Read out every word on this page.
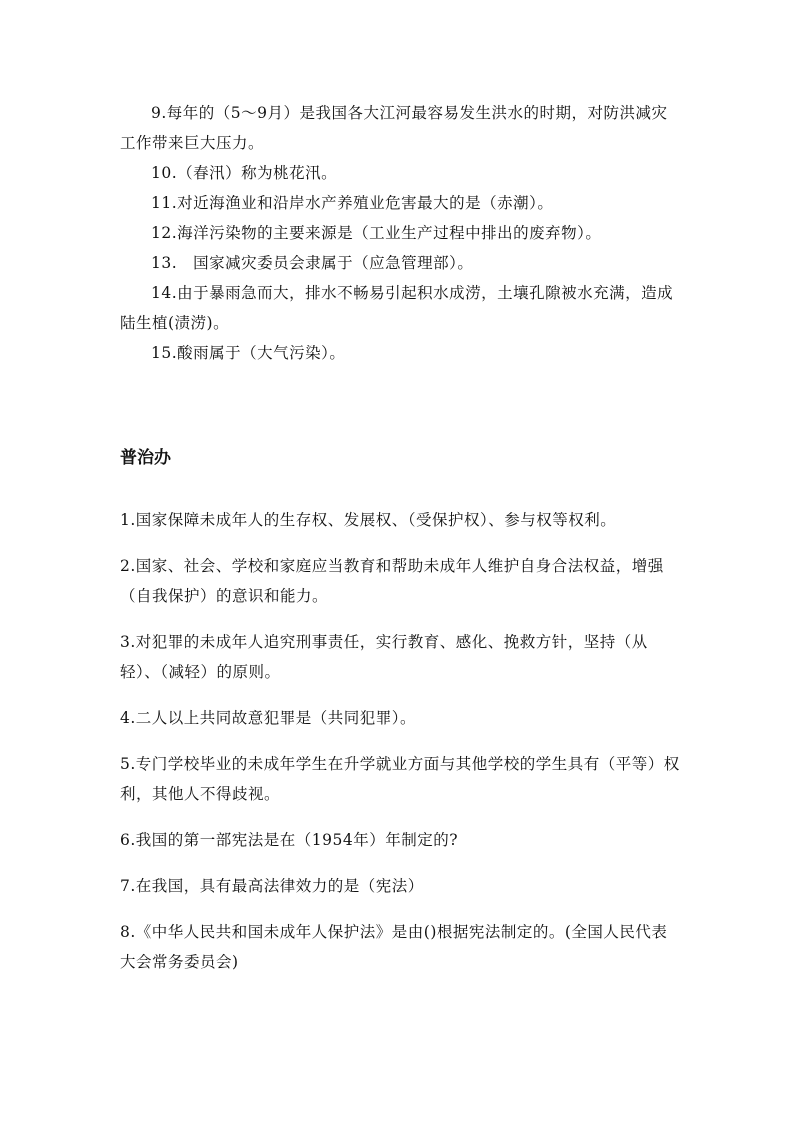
9.每年的（5～9月）是我国各大江河最容易发生洪水的时期，对防洪减灾工作带来巨大压力。

10.（春汛）称为桃花汛。

11.对近海渔业和沿岸水产养殖业危害最大的是（赤潮）。

12.海洋污染物的主要来源是（工业生产过程中排出的废弃物）。

13.　国家减灾委员会隶属于（应急管理部）。

14.由于暴雨急而大，排水不畅易引起积水成涝，土壤孔隙被水充满，造成陆生植(渍涝)。

15.酸雨属于（大气污染）。

普治办

1.国家保障未成年人的生存权、发展权、（受保护权）、参与权等权利。

2.国家、社会、学校和家庭应当教育和帮助未成年人维护自身合法权益，增强（自我保护）的意识和能力。

3.对犯罪的未成年人追究刑事责任，实行教育、感化、挽救方针，坚持（从轻）、（减轻）的原则。

4.二人以上共同故意犯罪是（共同犯罪）。

5.专门学校毕业的未成年学生在升学就业方面与其他学校的学生具有（平等）权利，其他人不得歧视。

6.我国的第一部宪法是在（1954年）年制定的?

7.在我国，具有最高法律效力的是（宪法）

8.《中华人民共和国未成年人保护法》是由()根据宪法制定的。(全国人民代表大会常务委员会)
